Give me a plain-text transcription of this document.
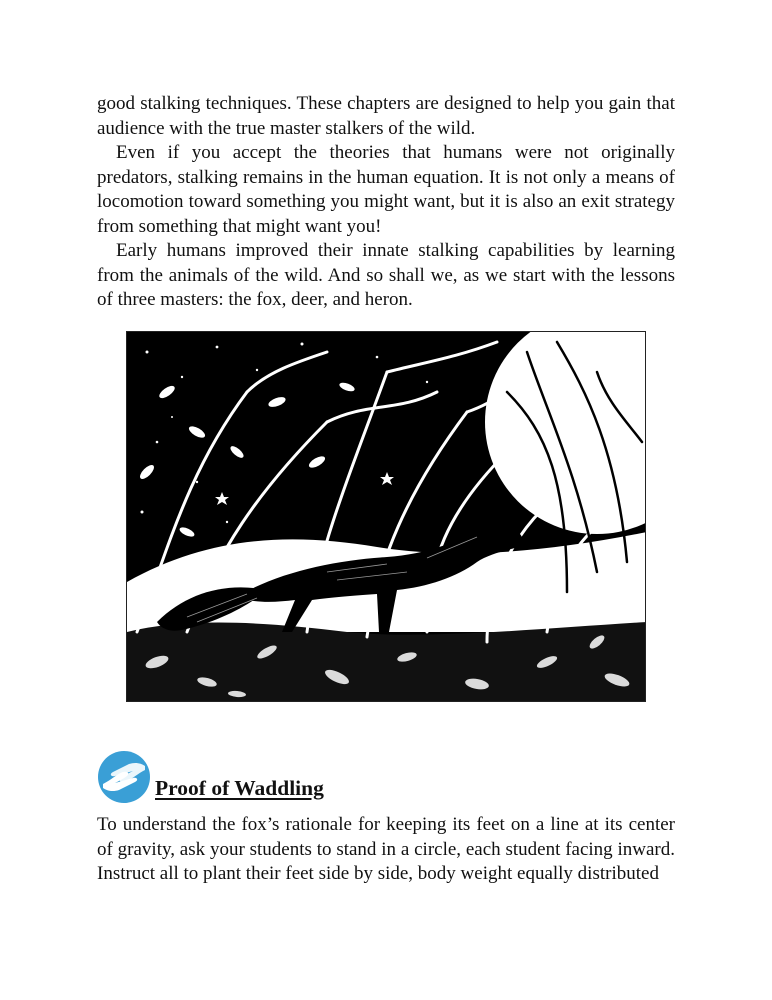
good stalking techniques. These chapters are designed to help you gain that audience with the true master stalkers of the wild.

Even if you accept the theories that humans were not originally predators, stalking remains in the human equation. It is not only a means of locomotion toward something you might want, but it is also an exit strategy from something that might want you!

Early humans improved their innate stalking capabilities by learning from the animals of the wild. And so shall we, as we start with the lessons of three masters: the fox, deer, and heron.

Proof of Waddling

To understand the fox’s rationale for keeping its feet on a line at its center of gravity, ask your students to stand in a circle, each student facing inward. Instruct all to plant their feet side by side, body weight equally distributed
